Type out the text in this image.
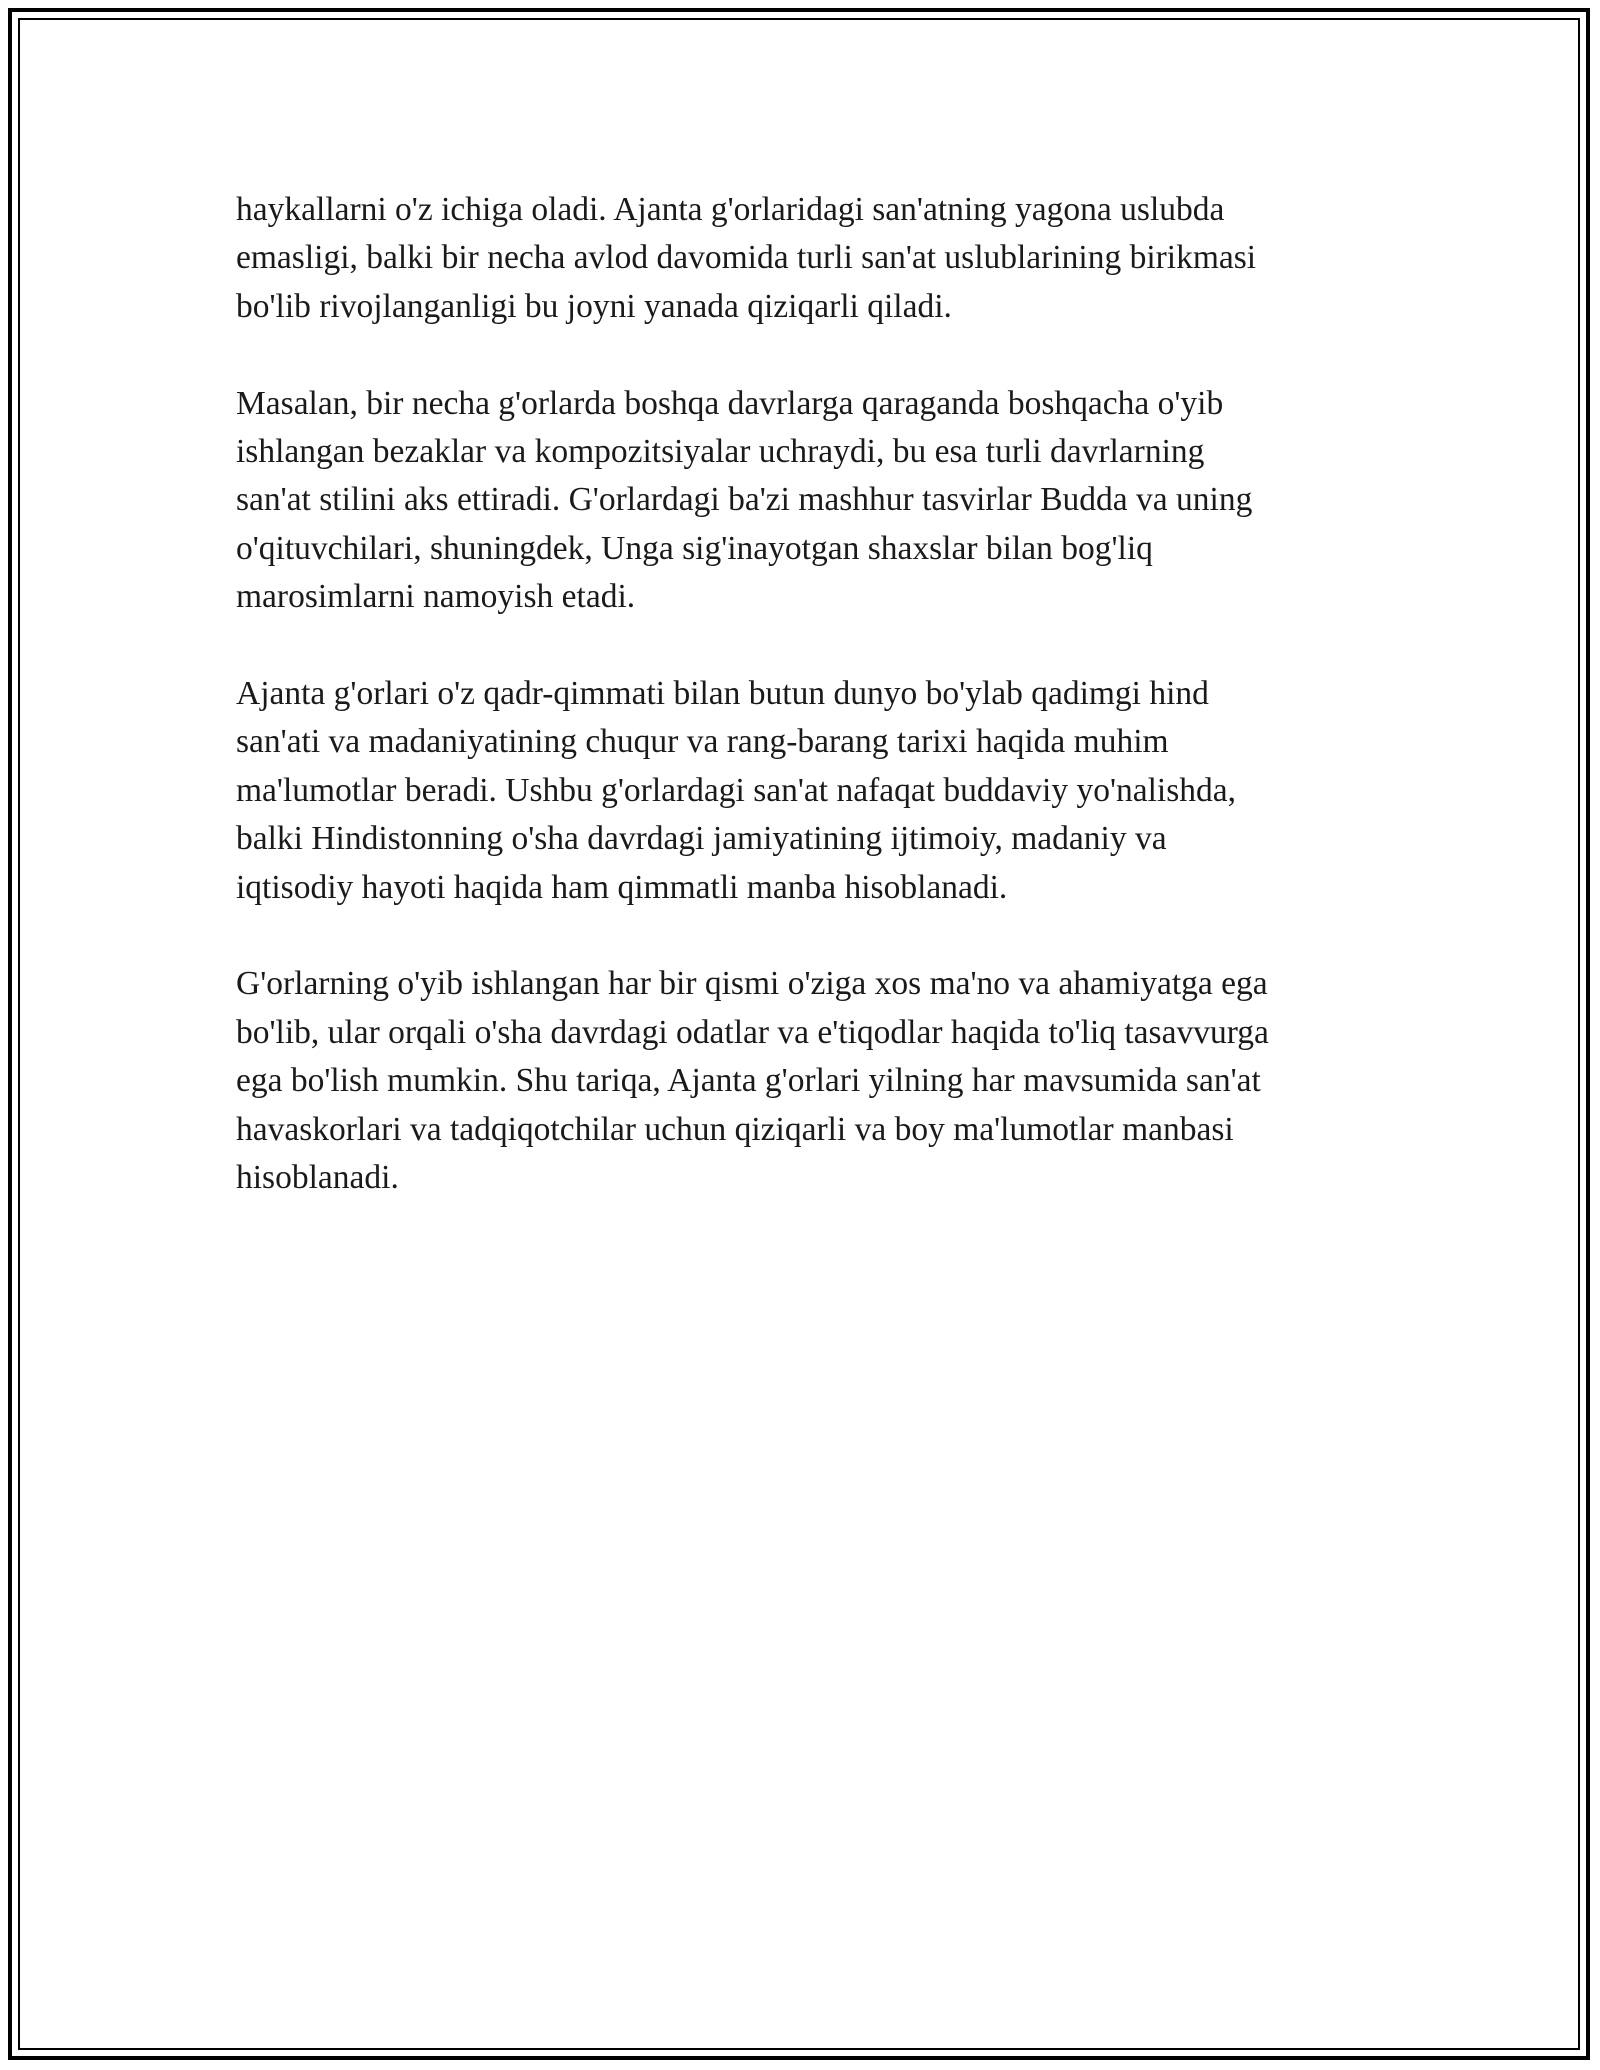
haykallarni o'z ichiga oladi. Ajanta g'orlaridagi san'atning yagona uslubda
emasligi, balki bir necha avlod davomida turli san'at uslublarining birikmasi
bo'lib rivojlanganligi bu joyni yanada qiziqarli qiladi.

Masalan, bir necha g'orlarda boshqa davrlarga qaraganda boshqacha o'yib
ishlangan bezaklar va kompozitsiyalar uchraydi, bu esa turli davrlarning
san'at stilini aks ettiradi. G'orlardagi ba'zi mashhur tasvirlar Budda va uning
o'qituvchilari, shuningdek, Unga sig'inayotgan shaxslar bilan bog'liq
marosimlarni namoyish etadi.

Ajanta g'orlari o'z qadr-qimmati bilan butun dunyo bo'ylab qadimgi hind
san'ati va madaniyatining chuqur va rang-barang tarixi haqida muhim
ma'lumotlar beradi. Ushbu g'orlardagi san'at nafaqat buddaviy yo'nalishda,
balki Hindistonning o'sha davrdagi jamiyatining ijtimoiy, madaniy va
iqtisodiy hayoti haqida ham qimmatli manba hisoblanadi.

G'orlarning o'yib ishlangan har bir qismi o'ziga xos ma'no va ahamiyatga ega
bo'lib, ular orqali o'sha davrdagi odatlar va e'tiqodlar haqida to'liq tasavvurga
ega bo'lish mumkin. Shu tariqa, Ajanta g'orlari yilning har mavsumida san'at
havaskorlari va tadqiqotchilar uchun qiziqarli va boy ma'lumotlar manbasi
hisoblanadi.
